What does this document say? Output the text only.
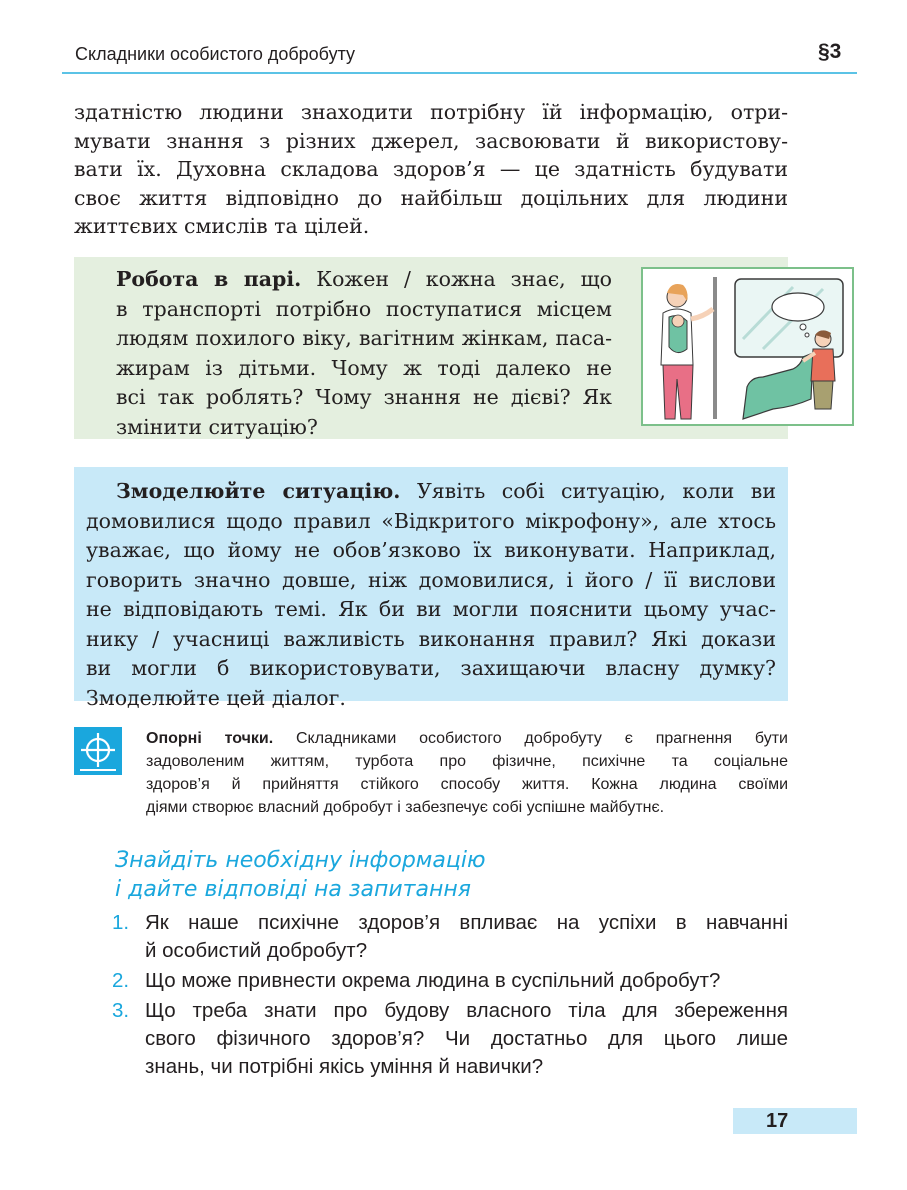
Складники особистого добробуту	§3
здатністю людини знаходити потрібну їй інформацію, отри-
мувати знання з різних джерел, засвоювати й використову-
вати їх. Духовна складова здоров’я — це здатність будувати
своє життя відповідно до найбільш доцільних для людини
життєвих смислів та цілей.
Робота в парі. Кожен / кожна знає, що
в транспорті потрібно поступатися місцем
людям похилого віку, вагітним жінкам, паса-
жирам із дітьми. Чому ж тоді далеко не
всі так роблять? Чому знання не дієві? Як
змінити ситуацію?
Змоделюйте ситуацію. Уявіть собі ситуацію, коли ви
домовилися щодо правил «Відкритого мікрофону», але хтось
уважає, що йому не обов’язково їх виконувати. Наприклад,
говорить значно довше, ніж домовилися, і його / її вислови
не відповідають темі. Як би ви могли пояснити цьому учас-
нику / учасниці важливість виконання правил? Які докази
ви могли б використовувати, захищаючи власну думку?
Змоделюйте цей діалог.
Опорні точки. Складниками особистого добробуту є прагнення бути
задоволеним життям, турбота про фізичне, психічне та соціальне
здоров’я й прийняття стійкого способу життя. Кожна людина своїми
діями створює власний добробут і забезпечує собі успішне майбутнє.
Знайдіть необхідну інформацію
і дайте відповіді на запитання
1. Як наше психічне здоров’я впливає на успіхи в навчанні
й особистий добробут?
2. Що може привнести окрема людина в суспільний добробут?
3. Що треба знати про будову власного тіла для збереження
свого фізичного здоров’я? Чи достатньо для цього лише
знань, чи потрібні якісь уміння й навички?
17
